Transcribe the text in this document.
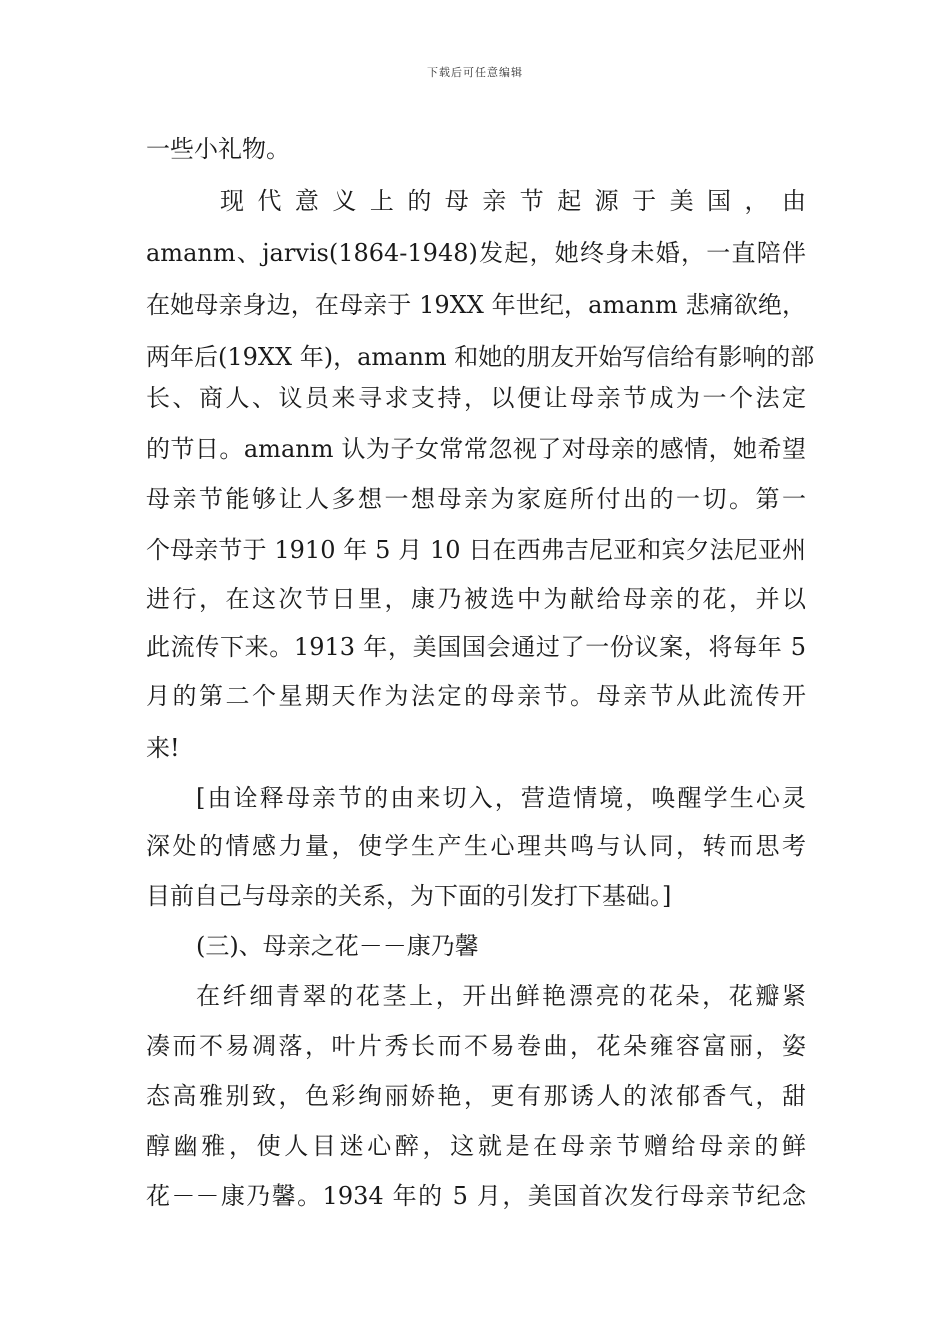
下载后可任意编辑
一些小礼物。
现 代 意 义 上 的 母 亲 节 起 源 于 美 国 ， 由
amanm、jarvis(1864-1948)发起，她终身未婚，一直陪伴
在她母亲身边，在母亲于 19XX 年世纪，amanm 悲痛欲绝，
两年后(19XX 年)，amanm 和她的朋友开始写信给有影响的部
长、商人、议员来寻求支持，以便让母亲节成为一个法定
的节日。amanm 认为子女常常忽视了对母亲的感情，她希望
母亲节能够让人多想一想母亲为家庭所付出的一切。第一
个母亲节于 1910 年 5 月 10 日在西弗吉尼亚和宾夕法尼亚州
进行，在这次节日里，康乃被选中为献给母亲的花，并以
此流传下来。1913 年，美国国会通过了一份议案，将每年 5
月的第二个星期天作为法定的母亲节。母亲节从此流传开
来!
[由诠释母亲节的由来切入，营造情境，唤醒学生心灵
深处的情感力量，使学生产生心理共鸣与认同，转而思考
目前自己与母亲的关系，为下面的引发打下基础。]
(三)、母亲之花－－康乃馨
在纤细青翠的花茎上，开出鲜艳漂亮的花朵，花瓣紧
凑而不易凋落，叶片秀长而不易卷曲，花朵雍容富丽，姿
态高雅别致，色彩绚丽娇艳，更有那诱人的浓郁香气，甜
醇幽雅，使人目迷心醉，这就是在母亲节赠给母亲的鲜
花－－康乃馨。1934 年的 5 月，美国首次发行母亲节纪念
